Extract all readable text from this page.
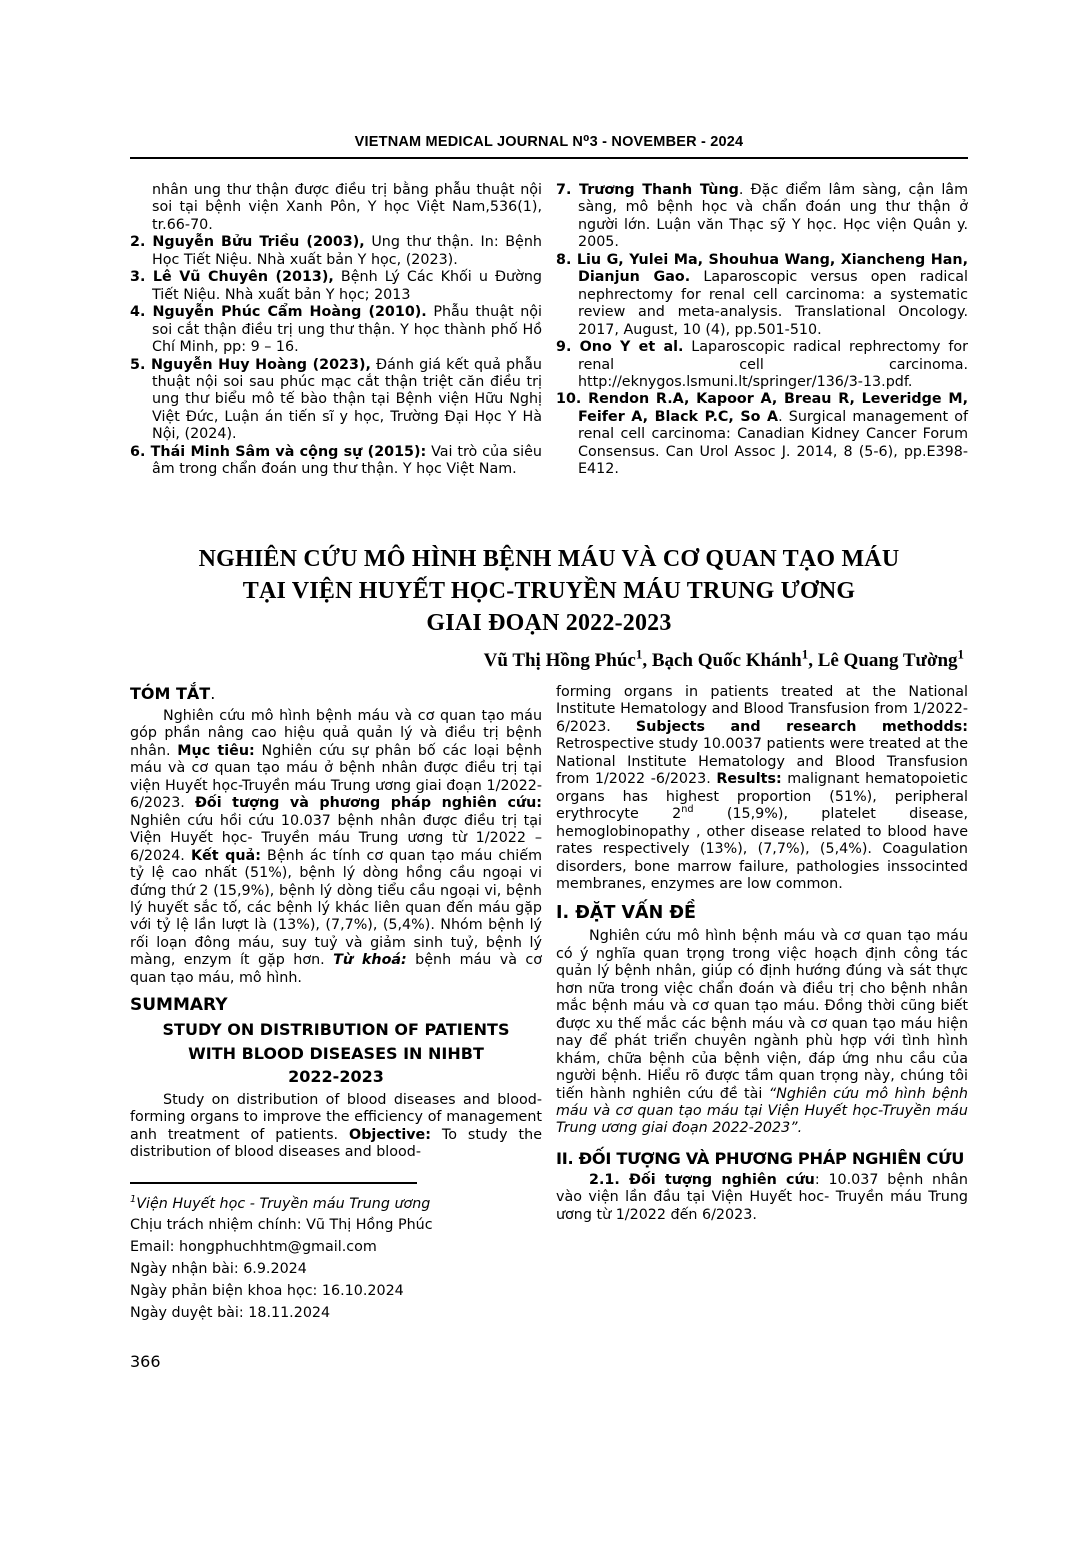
VIETNAM MEDICAL JOURNAL N⁰3 - NOVEMBER - 2024

nhân ung thư thận được điều trị bằng phẫu thuật nội soi tại bệnh viện Xanh Pôn, Y học Việt Nam,536(1), tr.66-70.

2. Nguyễn Bửu Triều (2003), Ung thư thận. In: Bệnh Học Tiết Niệu. Nhà xuất bản Y học, (2023).

3. Lê Vũ Chuyên (2013), Bệnh Lý Các Khối u Đường Tiết Niệu. Nhà xuất bản Y học; 2013

4. Nguyễn Phúc Cẩm Hoàng (2010). Phẫu thuật nội soi cắt thận điều trị ung thư thận. Y học thành phố Hồ Chí Minh, pp: 9 – 16.

5. Nguyễn Huy Hoàng (2023), Đánh giá kết quả phẫu thuật nội soi sau phúc mạc cắt thận triệt căn điều trị ung thư biểu mô tế bào thận tại Bệnh viện Hữu Nghị Việt Đức, Luận án tiến sĩ y học, Trường Đại Học Y Hà Nội, (2024).

6. Thái Minh Sâm và cộng sự (2015): Vai trò của siêu âm trong chẩn đoán ung thư thận. Y học Việt Nam.

7. Trương Thanh Tùng. Đặc điểm lâm sàng, cận lâm sàng, mô bệnh học và chẩn đoán ung thư thận ở người lớn. Luận văn Thạc sỹ Y học. Học viện Quân y. 2005.

8. Liu G, Yulei Ma, Shouhua Wang, Xiancheng Han, Dianjun Gao. Laparoscopic versus open radical nephrectomy for renal cell carcinoma: a systematic review and meta-analysis. Translational Oncology. 2017, August, 10 (4), pp.501-510.

9. Ono Y et al. Laparoscopic radical rephrectomy for renal cell carcinoma. http://eknygos.lsmuni.lt/springer/136/3-13.pdf.

10. Rendon R.A, Kapoor A, Breau R, Leveridge M, Feifer A, Black P.C, So A. Surgical management of renal cell carcinoma: Canadian Kidney Cancer Forum Consensus. Can Urol Assoc J. 2014, 8 (5-6), pp.E398-E412.

NGHIÊN CỨU MÔ HÌNH BỆNH MÁU VÀ CƠ QUAN TẠO MÁU
TẠI VIỆN HUYẾT HỌC-TRUYỀN MÁU TRUNG ƯƠNG
GIAI ĐOẠN 2022-2023
Vũ Thị Hồng Phúc$^1$, Bạch Quốc Khánh$^1$, Lê Quang Tường$^1$
TÓM TẮT.

Nghiên cứu mô hình bệnh máu và cơ quan tạo máu góp phần nâng cao hiệu quả quản lý và điều trị bệnh nhân. Mục tiêu: Nghiên cứu sự phân bố các loại bệnh máu và cơ quan tạo máu ở bệnh nhân được điều trị tại viện Huyết học-Truyền máu Trung ương giai đoạn 1/2022-6/2023. Đối tượng và phương pháp nghiên cứu: Nghiên cứu hồi cứu 10.037 bệnh nhân được điều trị tại Viện Huyết học- Truyền máu Trung ương từ 1/2022 – 6/2024. Kết quả: Bệnh ác tính cơ quan tạo máu chiếm tỷ lệ cao nhất (51%), bệnh lý dòng hồng cầu ngoại vi đứng thứ 2 (15,9%), bệnh lý dòng tiểu cầu ngoại vi, bệnh lý huyết sắc tố, các bệnh lý khác liên quan đến máu gặp với tỷ lệ lần lượt là (13%), (7,7%), (5,4%). Nhóm bệnh lý rối loạn đông máu, suy tuỷ và giảm sinh tuỷ, bệnh lý màng, enzym ít gặp hơn. Từ khoá: bệnh máu và cơ quan tạo máu, mô hình.

SUMMARY
STUDY ON DISTRIBUTION OF PATIENTS
WITH BLOOD DISEASES IN NIHBT
2022-2023

Study on distribution of blood diseases and blood-forming organs to improve the efficiency of management anh treatment of patients. Objective: To study the distribution of blood diseases and blood-

$^1$Viện Huyết học - Truyền máu Trung ương
Chịu trách nhiệm chính: Vũ Thị Hồng Phúc
Email: hongphuchhtm@gmail.com
Ngày nhận bài: 6.9.2024
Ngày phản biện khoa học: 16.10.2024
Ngày duyệt bài: 18.11.2024

forming organs in patients treated at the National Institute Hematology and Blood Transfusion from 1/2022-6/2023. Subjects and research methodds: Retrospective study 10.0037 patients were treated at the National Institute Hematology and Blood Transfusion from 1/2022 -6/2023. Results: malignant hematopoietic organs has highest proportion (51%), peripheral erythrocyte 2nd (15,9%), platelet disease, hemoglobinopathy , other disease related to blood have rates respectively (13%), (7,7%), (5,4%). Coagulation disorders, bone marrow failure, pathologies inssocinted membranes, enzymes are low common.

I. ĐẶT VẤN ĐỀ

Nghiên cứu mô hình bệnh máu và cơ quan tạo máu có ý nghĩa quan trọng trong việc hoạch định công tác quản lý bệnh nhân, giúp có định hướng đúng và sát thực hơn nữa trong việc chẩn đoán và điều trị cho bệnh nhân mắc bệnh máu và cơ quan tạo máu. Đồng thời cũng biết được xu thế mắc các bệnh máu và cơ quan tạo máu hiện nay để phát triển chuyên ngành phù hợp với tình hình khám, chữa bệnh của bệnh viện, đáp ứng nhu cầu của người bệnh. Hiểu rõ được tầm quan trọng này, chúng tôi tiến hành nghiên cứu đề tài “Nghiên cứu mô hình bệnh máu và cơ quan tạo máu tại Viện Huyết học-Truyền máu Trung ương giai đoạn 2022-2023”.

II. ĐỐI TƯỢNG VÀ PHƯƠNG PHÁP NGHIÊN CỨU

2.1. Đối tượng nghiên cứu: 10.037 bệnh nhân vào viện lần đầu tại Viện Huyết hoc- Truyền máu Trung ương từ 1/2022 đến 6/2023.

366
